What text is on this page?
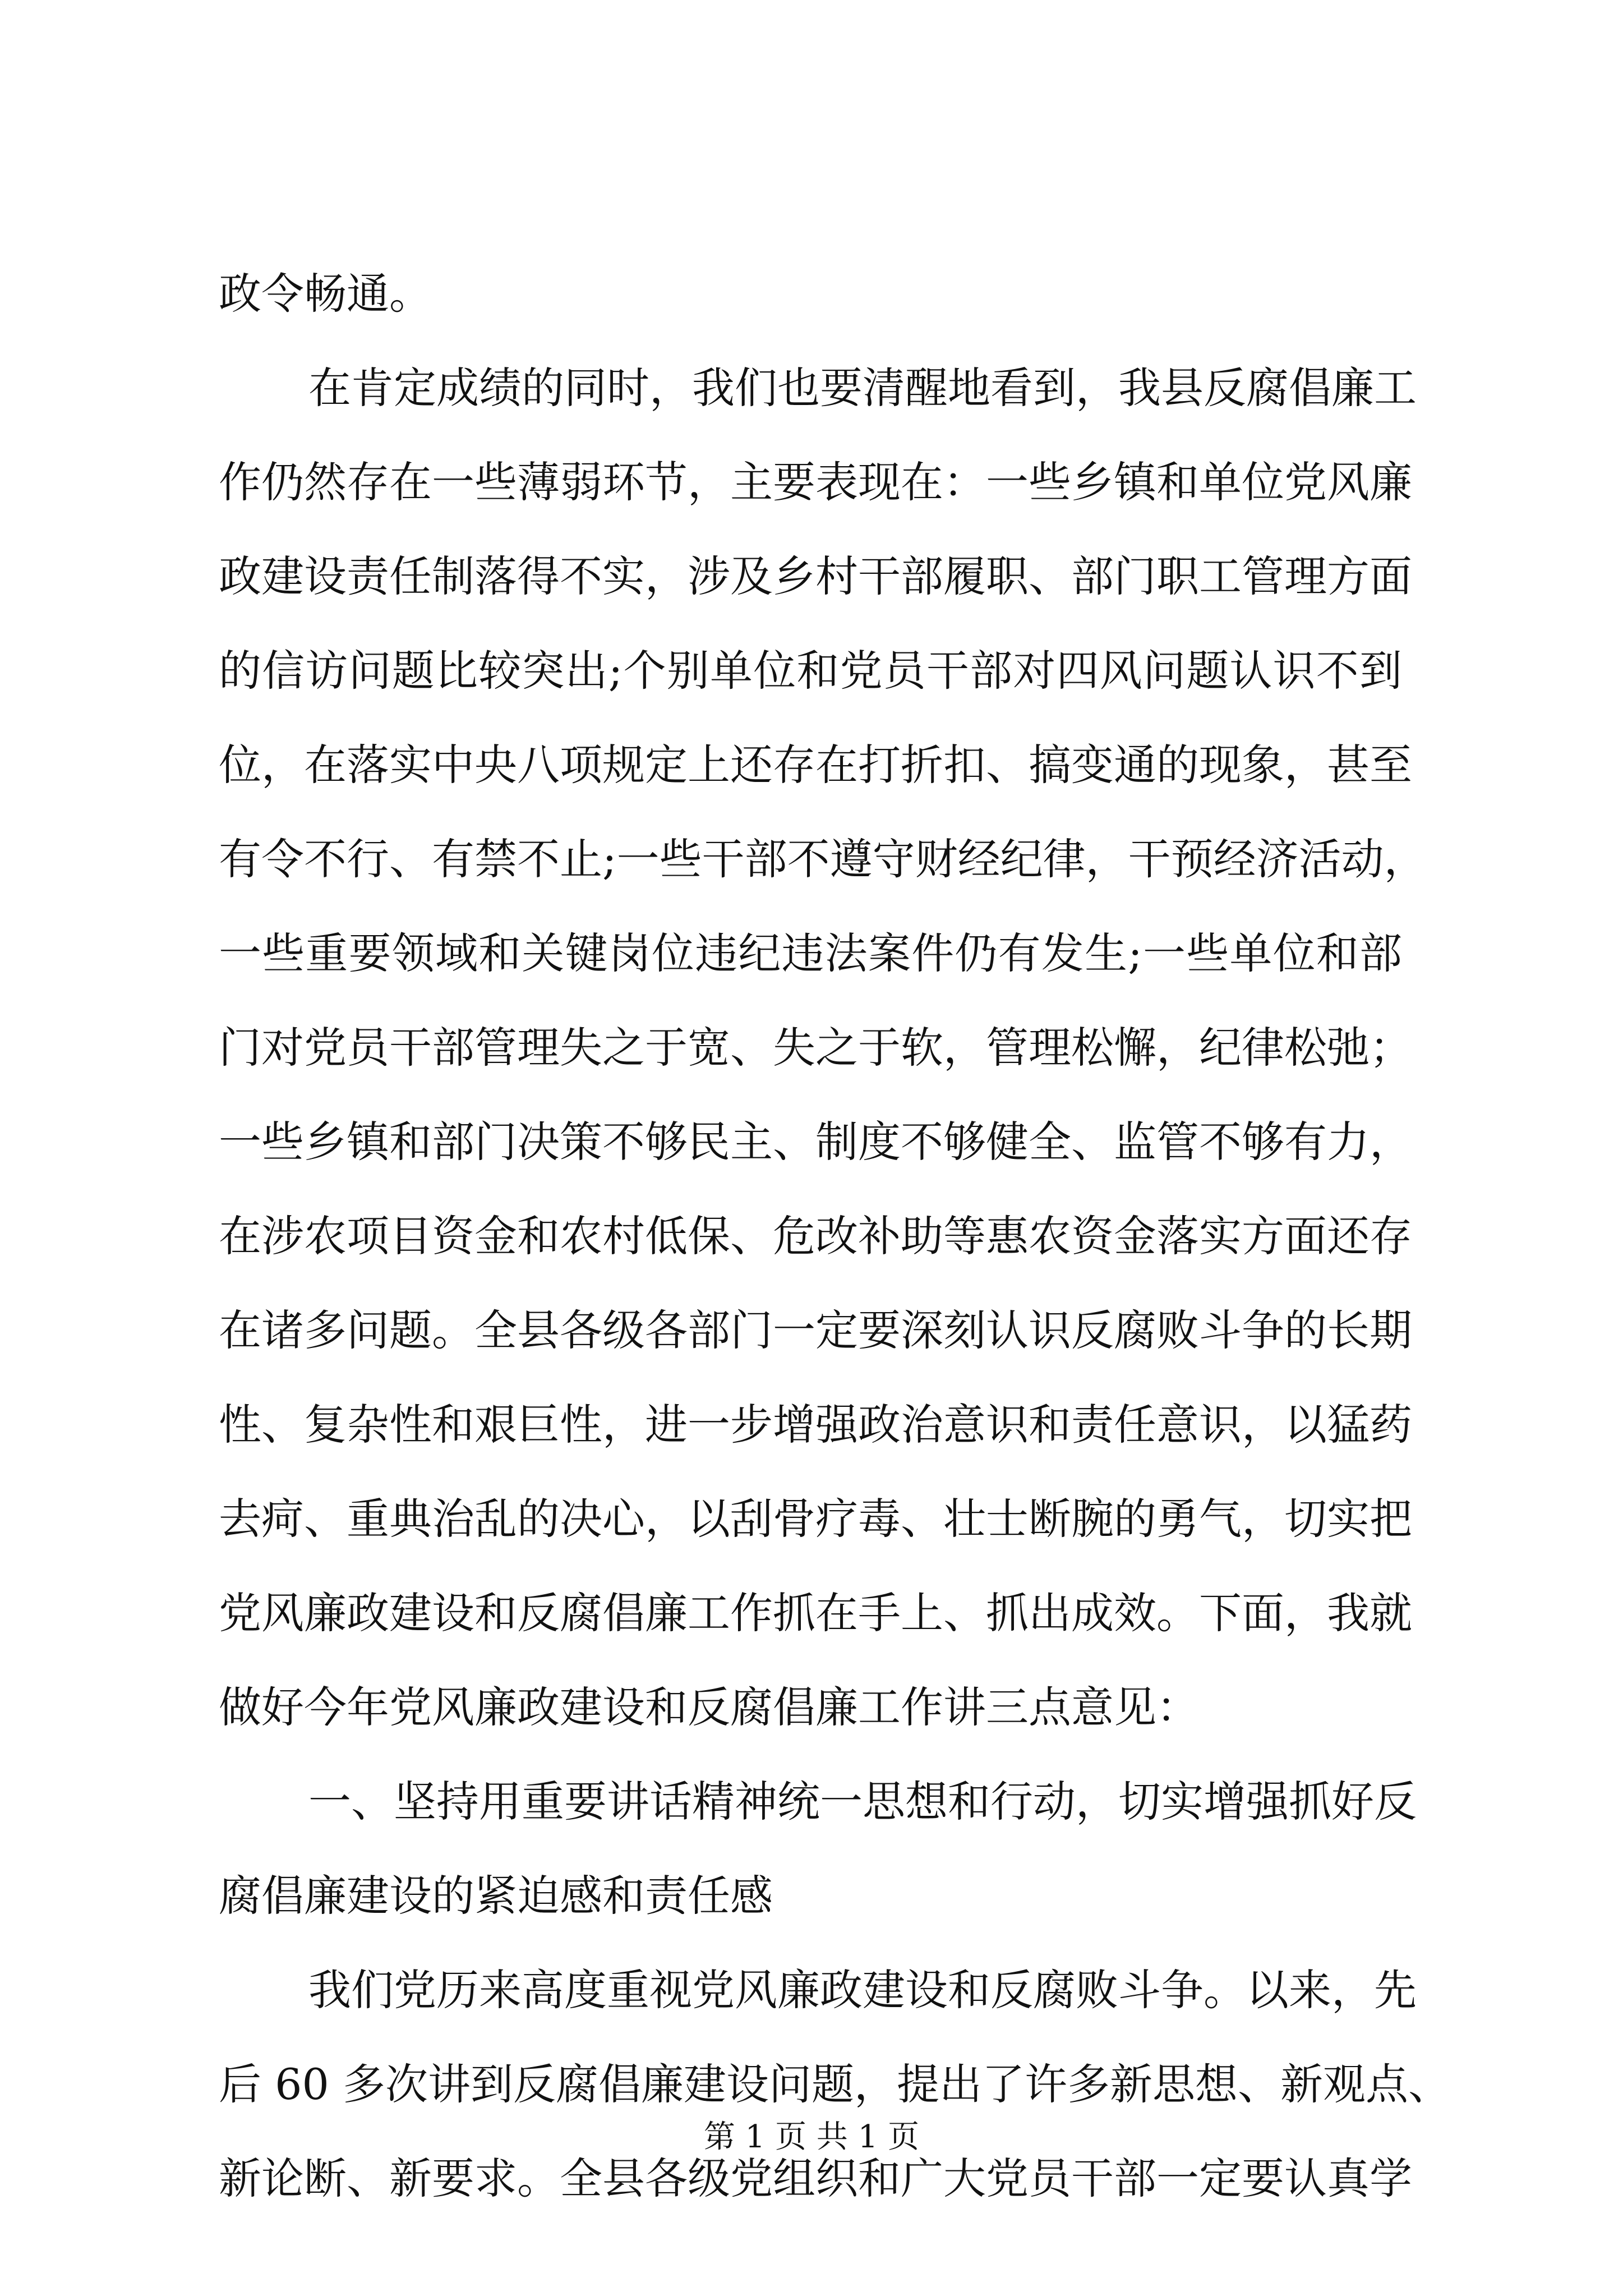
政令畅通。
在肯定成绩的同时，我们也要清醒地看到，我县反腐倡廉工
作仍然存在一些薄弱环节，主要表现在：一些乡镇和单位党风廉
政建设责任制落得不实，涉及乡村干部履职、部门职工管理方面
的信访问题比较突出;个别单位和党员干部对四风问题认识不到
位，在落实中央八项规定上还存在打折扣、搞变通的现象，甚至
有令不行、有禁不止;一些干部不遵守财经纪律，干预经济活动，
一些重要领域和关键岗位违纪违法案件仍有发生;一些单位和部
门对党员干部管理失之于宽、失之于软，管理松懈，纪律松弛；
一些乡镇和部门决策不够民主、制度不够健全、监管不够有力，
在涉农项目资金和农村低保、危改补助等惠农资金落实方面还存
在诸多问题。全县各级各部门一定要深刻认识反腐败斗争的长期
性、复杂性和艰巨性，进一步增强政治意识和责任意识，以猛药
去疴、重典治乱的决心，以刮骨疗毒、壮士断腕的勇气，切实把
党风廉政建设和反腐倡廉工作抓在手上、抓出成效。下面，我就
做好今年党风廉政建设和反腐倡廉工作讲三点意见：
一、坚持用重要讲话精神统一思想和行动，切实增强抓好反
腐倡廉建设的紧迫感和责任感
我们党历来高度重视党风廉政建设和反腐败斗争。以来，先
后 60 多次讲到反腐倡廉建设问题，提出了许多新思想、新观点、
新论断、新要求。全县各级党组织和广大党员干部一定要认真学
第 1 页 共 1 页
